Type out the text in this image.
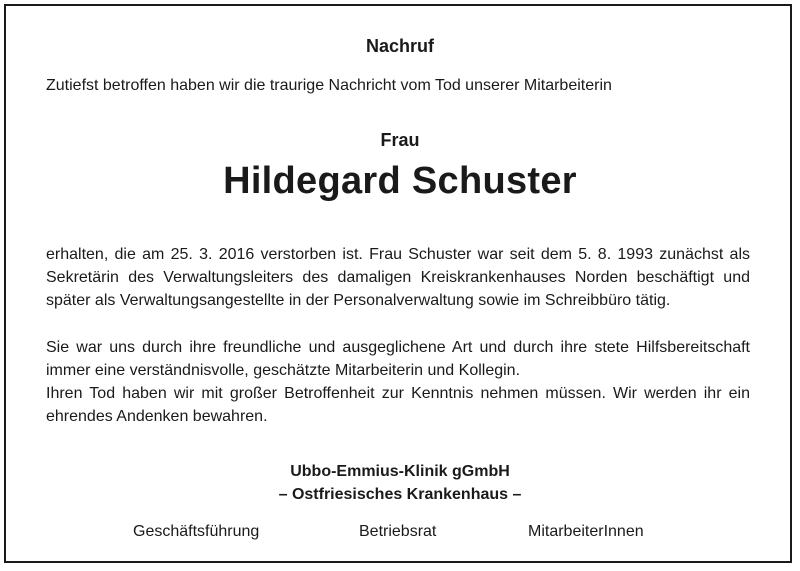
Nachruf
Zutiefst betroffen haben wir die traurige Nachricht vom Tod unserer Mitarbeiterin
Frau
Hildegard Schuster

erhalten, die am 25. 3. 2016 verstorben ist. Frau Schuster war seit dem 5. 8. 1993 zunächst als Sekretärin des Verwaltungsleiters des damaligen Kreiskrankenhauses Norden beschäftigt und später als Verwaltungsangestellte in der Personalverwaltung sowie im Schreibbüro tätig.

Sie war uns durch ihre freundliche und ausgeglichene Art und durch ihre stete Hilfsbereitschaft immer eine verständnisvolle, geschätzte Mitarbeiterin und Kollegin.

Ihren Tod haben wir mit großer Betroffenheit zur Kenntnis nehmen müssen. Wir werden ihr ein ehrendes Andenken bewahren.

Ubbo-Emmius-Klinik gGmbH
– Ostfriesisches Krankenhaus –
Geschäftsführung	Betriebsrat	MitarbeiterInnen
